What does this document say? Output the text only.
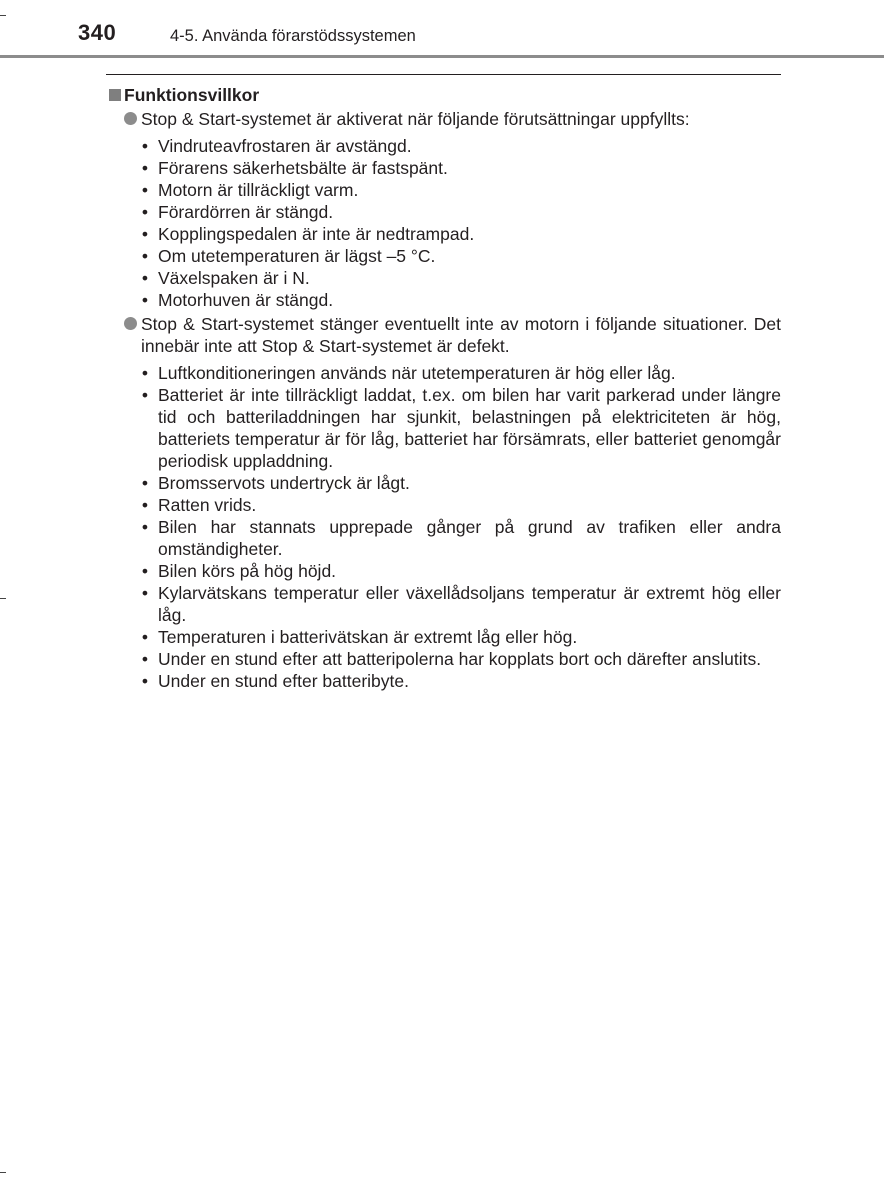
340	4-5. Använda förarstödssystemen
Funktionsvillkor
Stop & Start-systemet är aktiverat när följande förutsättningar uppfyllts:
• Vindruteavfrostaren är avstängd.
• Förarens säkerhetsbälte är fastspänt.
• Motorn är tillräckligt varm.
• Förardörren är stängd.
• Kopplingspedalen är inte är nedtrampad.
• Om utetemperaturen är lägst –5 °C.
• Växelspaken är i N.
• Motorhuven är stängd.
Stop & Start-systemet stänger eventuellt inte av motorn i följande situationer. Det innebär inte att Stop & Start-systemet är defekt.
• Luftkonditioneringen används när utetemperaturen är hög eller låg.
• Batteriet är inte tillräckligt laddat, t.ex. om bilen har varit parkerad under längre tid och batteriladdningen har sjunkit, belastningen på elektriciteten är hög, batteriets temperatur är för låg, batteriet har försämrats, eller batteriet genomgår periodisk uppladdning.
• Bromsservots undertryck är lågt.
• Ratten vrids.
• Bilen har stannats upprepade gånger på grund av trafiken eller andra omständigheter.
• Bilen körs på hög höjd.
• Kylarvätskans temperatur eller växellådsoljans temperatur är extremt hög eller låg.
• Temperaturen i batterivätskan är extremt låg eller hög.
• Under en stund efter att batteripolerna har kopplats bort och därefter anslutits.
• Under en stund efter batteribyte.
